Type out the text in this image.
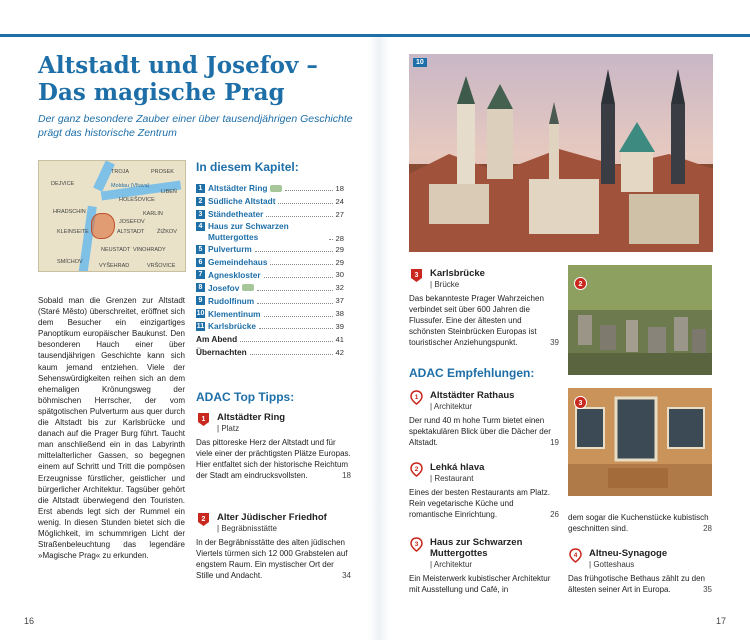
Altstadt und Josefov –
Das magische Prag
Der ganz besondere Zauber einer über tausendjährigen Geschichte prägt das historische Zentrum
TROJA	PROSEK
DEJVICE
HOLEŠOVICE
LIBEŇ
Moldau (Vltava)
HRADSCHIN	KARLIN
JOSEFOV
KLEINSEITE	ALTSTADT ŽIŽKOV
NEUSTADT VINOHRADY
SMÍCHOV
VYŠEHRAD	VRŠOVICE
Sobald man die Grenzen zur Altstadt (Staré Město) überschreitet, eröffnet sich dem Besucher ein einzigartiges Panoptikum europäischer Baukunst. Den besonderen Hauch einer über tausendjährigen Geschichte kann sich kaum jemand entziehen. Viele der Sehenswürdigkeiten reihen sich an dem ehemaligen Krönungsweg der böhmischen Herrscher, der vom spätgotischen Pulverturm aus quer durch die Altstadt bis zur Karlsbrücke und danach auf die Prager Burg führt. Taucht man anschließend ein in das Labyrinth mittelalterlicher Gassen, so begegnen einem auf Schritt und Tritt die pompösen Erzeugnisse fürstlicher, geistlicher und bürgerlicher Architektur. Tagsüber gehört die Altstadt überwiegend den Touristen. Erst abends legt sich der Rummel ein wenig. In diesen Stunden bietet sich die Möglichkeit, im schummrigen Licht der Straßenbeleuchtung das legendäre »Magische Prag« zu erkunden.
In diesem Kapitel:
1 Altstädter Ring	18
2 Südliche Altstadt	24
3 Ständetheater	27
4 Haus zur Schwarzen Muttergottes	28
5 Pulverturm	29
6 Gemeindehaus	29
7 Agneskloster	30
8 Josefov	32
9 Rudolfinum	37
10 Klementinum	38
11 Karlsbrücke	39
Am Abend	41
Übernachten	42
ADAC Top Tipps:
1 Altstädter Ring
| Platz
Das pittoreske Herz der Altstadt und für viele einer der prächtigsten Plätze Europas. Hier entfaltet sich der historische Reichtum der Stadt am eindrucksvollsten.	18
2 Alter Jüdischer Friedhof
| Begräbnisstätte
In der Begräbnisstätte des alten jüdischen Viertels türmen sich 12 000 Grabstelen auf engstem Raum. Ein mystischer Ort der Stille und Andacht.	34
16
10
3 Karlsbrücke
| Brücke
Das bekannteste Prager Wahrzeichen verbindet seit über 600 Jahren die Flussufer. Eine der ältesten und schönsten Steinbrücken Europas ist touristischer Anziehungspunkt.	39
2
3
ADAC Empfehlungen:
1 Altstädter Rathaus
| Architektur
Der rund 40 m hohe Turm bietet einen spektakulären Blick über die Dächer der Altstadt.	19
2 Lehká hlava
| Restaurant
Eines der besten Restaurants am Platz. Rein vegetarische Küche und romantische Einrichtung.	26
3 Haus zur Schwarzen Muttergottes
| Architektur
Ein Meisterwerk kubistischer Architektur mit Ausstellung und Café, in
dem sogar die Kuchenstücke kubistisch geschnitten sind.	28
4 Altneu-Synagoge
| Gotteshaus
Das frühgotische Bethaus zählt zu den ältesten seiner Art in Europa.	35
17
